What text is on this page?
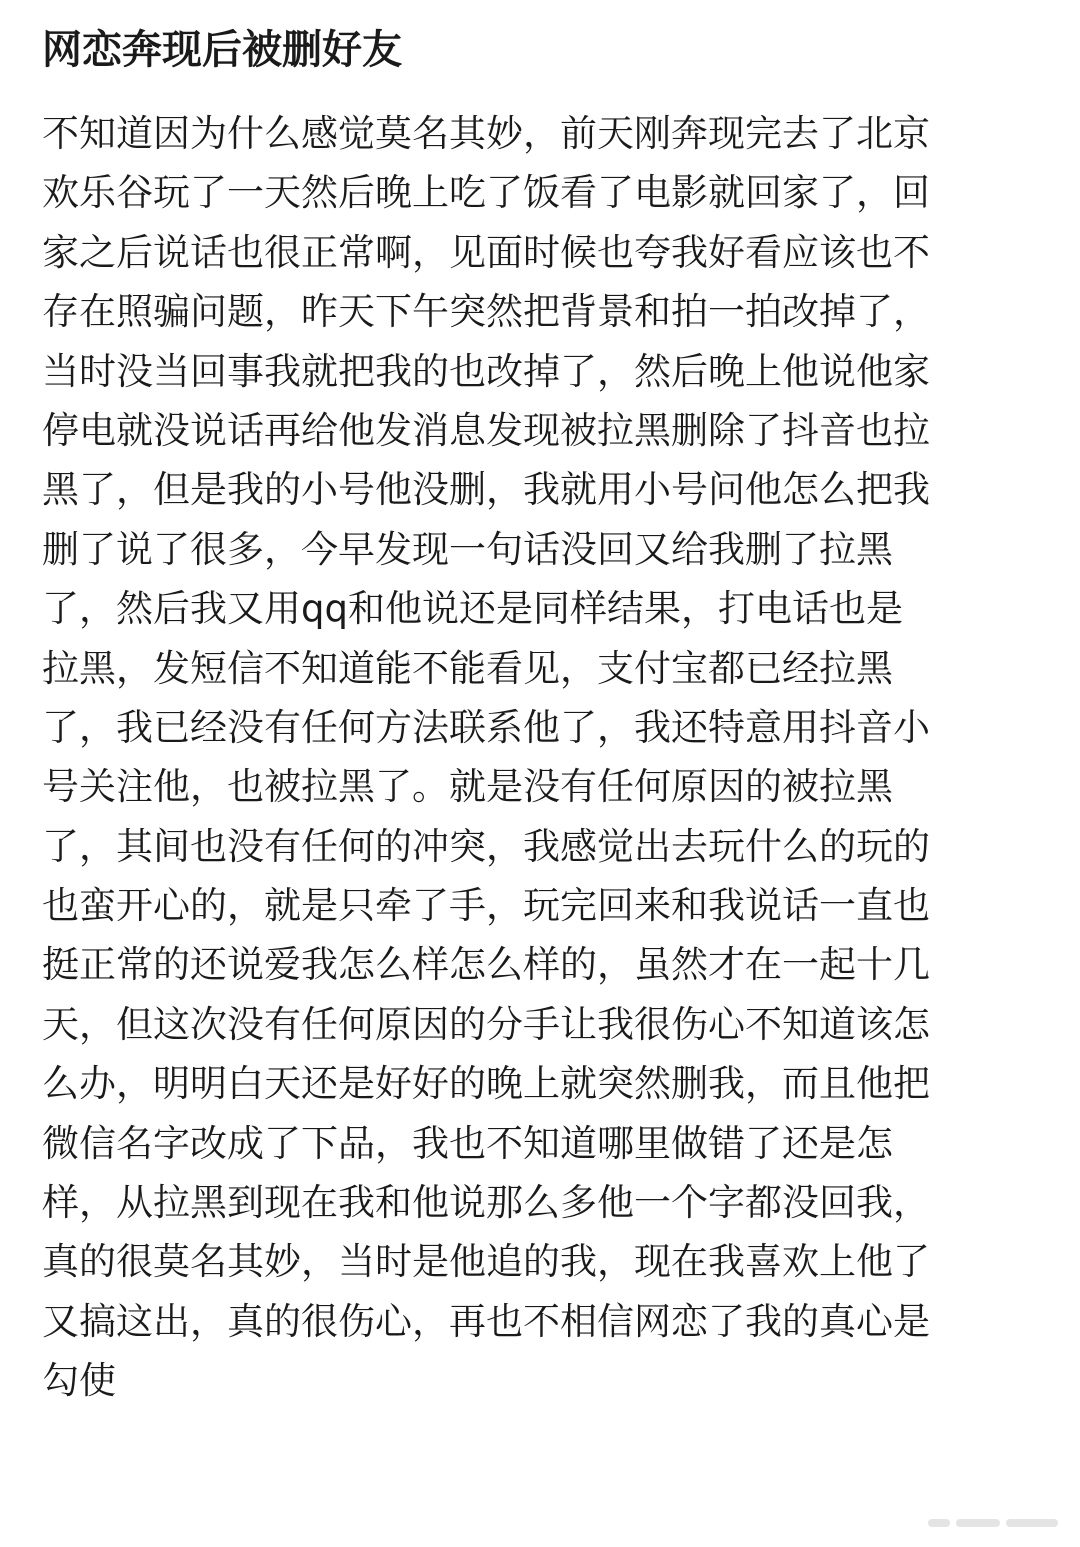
网恋奔现后被删好友
不知道因为什么感觉莫名其妙，前天刚奔现完去了北京
欢乐谷玩了一天然后晚上吃了饭看了电影就回家了，回
家之后说话也很正常啊，见面时候也夸我好看应该也不
存在照骗问题，昨天下午突然把背景和拍一拍改掉了，
当时没当回事我就把我的也改掉了，然后晚上他说他家
停电就没说话再给他发消息发现被拉黑删除了抖音也拉
黑了，但是我的小号他没删，我就用小号问他怎么把我
删了说了很多，今早发现一句话没回又给我删了拉黑
了，然后我又用qq和他说还是同样结果，打电话也是
拉黑，发短信不知道能不能看见，支付宝都已经拉黑
了，我已经没有任何方法联系他了，我还特意用抖音小
号关注他，也被拉黑了。就是没有任何原因的被拉黑
了，其间也没有任何的冲突，我感觉出去玩什么的玩的
也蛮开心的，就是只牵了手，玩完回来和我说话一直也
挺正常的还说爱我怎么样怎么样的，虽然才在一起十几
天，但这次没有任何原因的分手让我很伤心不知道该怎
么办，明明白天还是好好的晚上就突然删我，而且他把
微信名字改成了下品，我也不知道哪里做错了还是怎
样，从拉黑到现在我和他说那么多他一个字都没回我，
真的很莫名其妙，当时是他追的我，现在我喜欢上他了
又搞这出，真的很伤心，再也不相信网恋了我的真心是
勾使
